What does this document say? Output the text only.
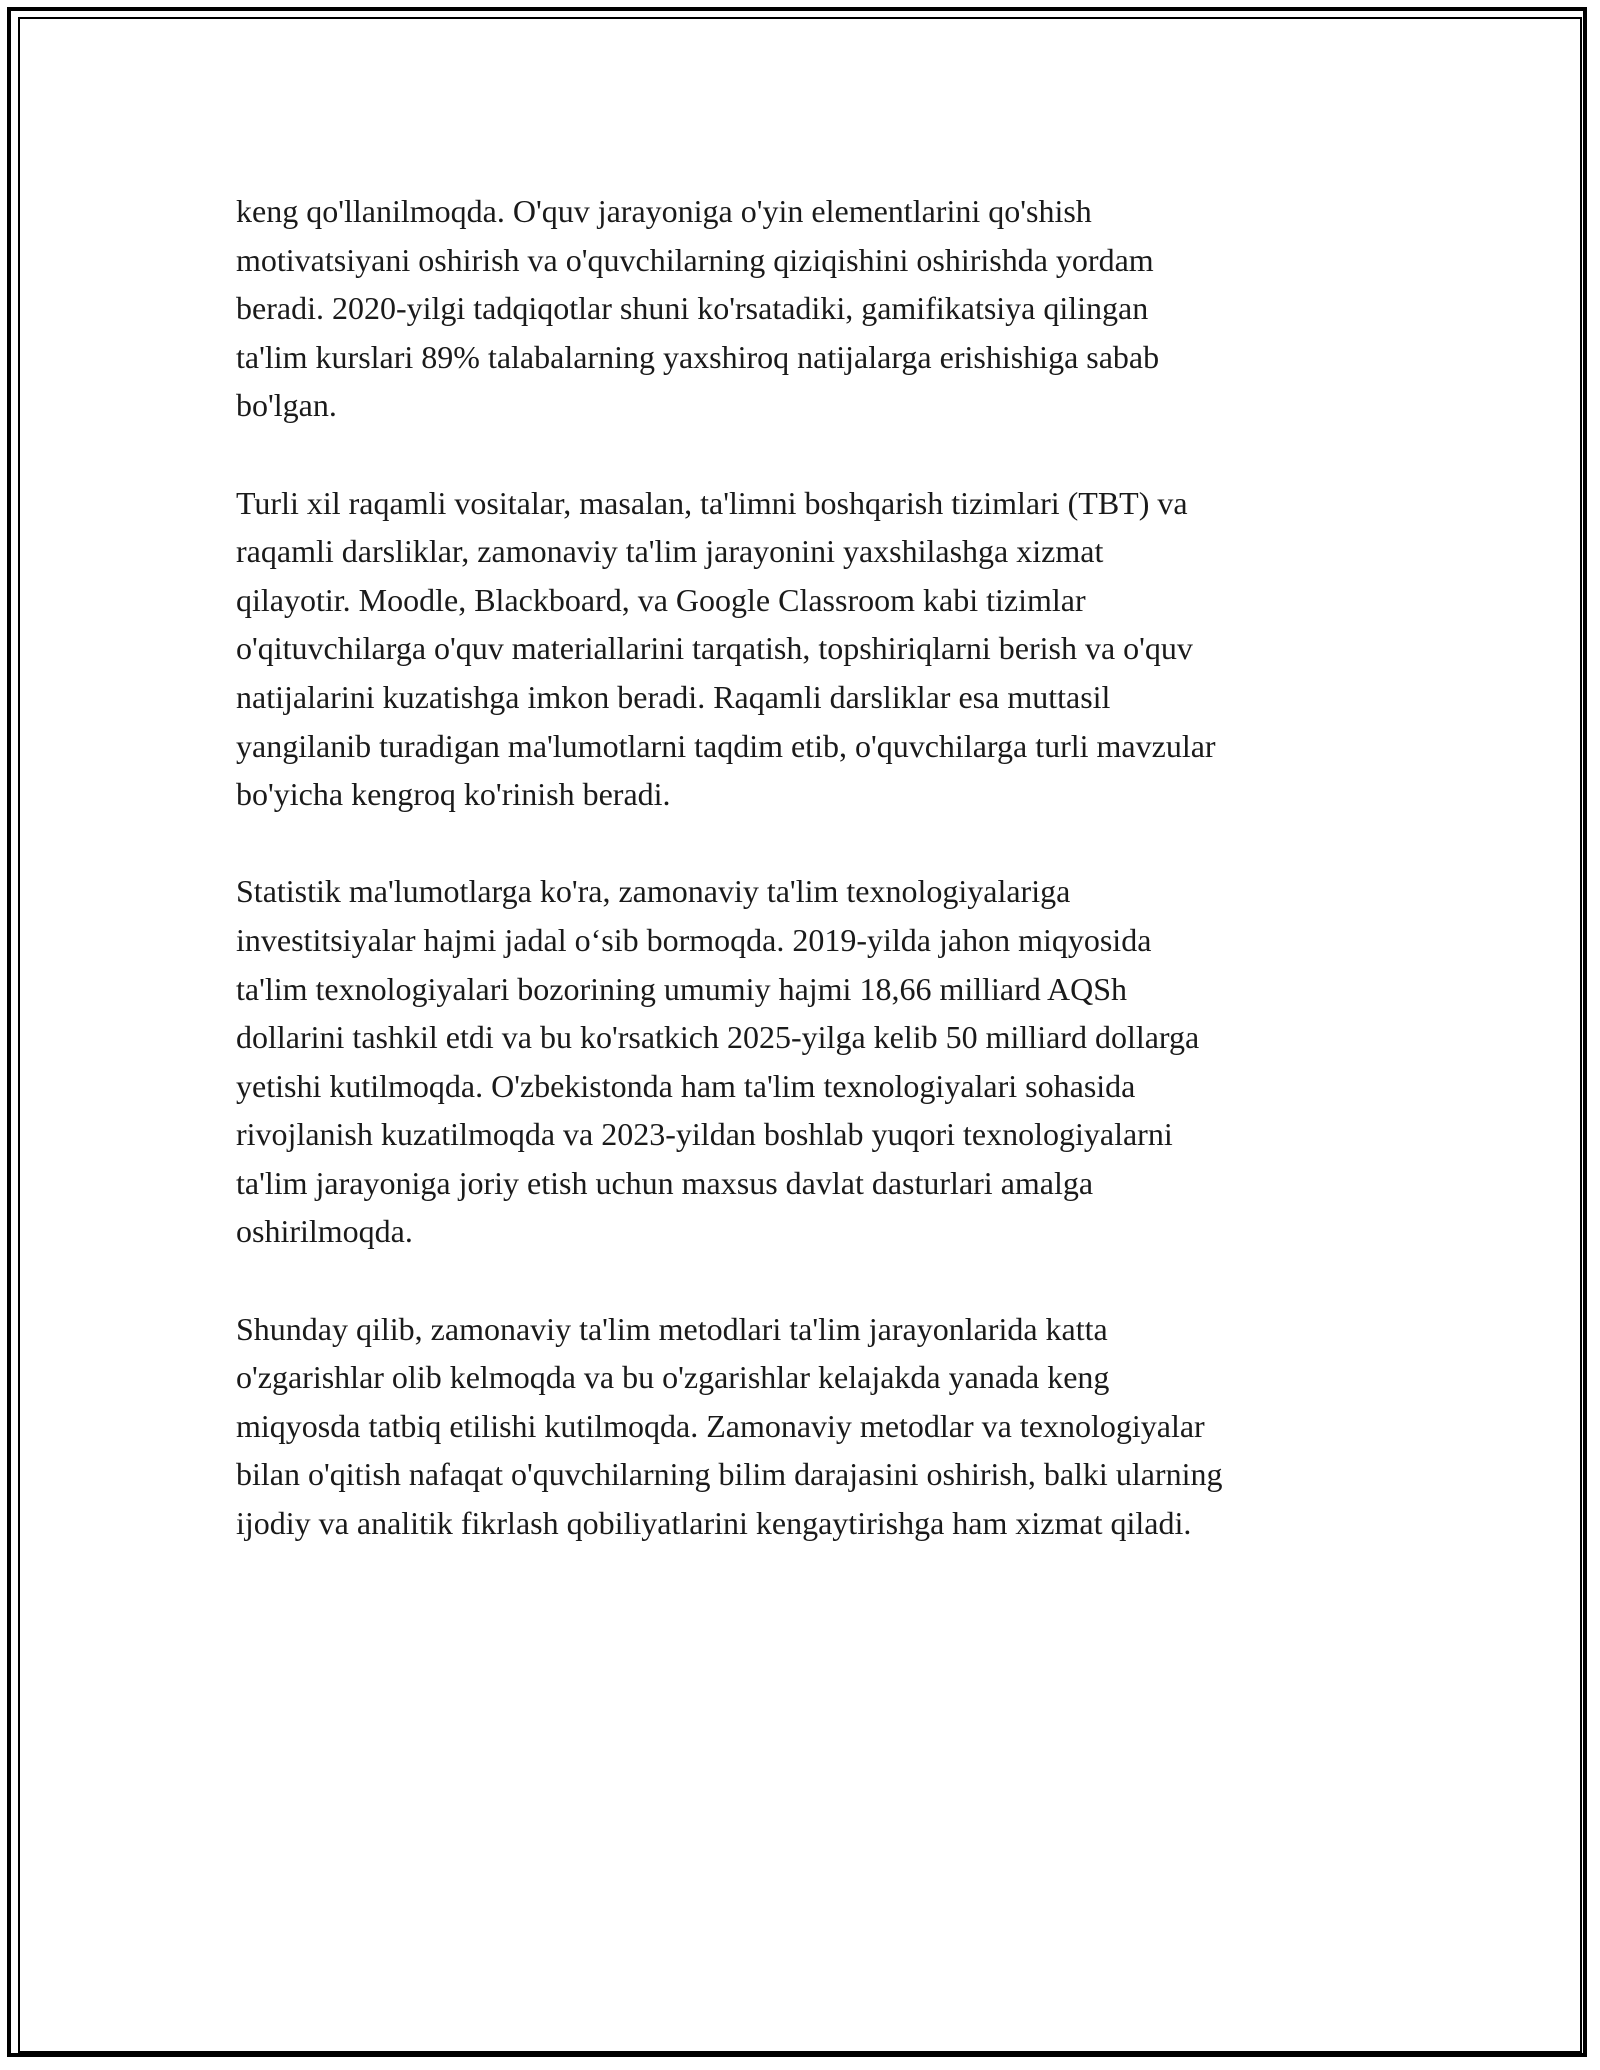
keng qo'llanilmoqda. O'quv jarayoniga o'yin elementlarini qo'shish
motivatsiyani oshirish va o'quvchilarning qiziqishini oshirishda yordam
beradi. 2020-yilgi tadqiqotlar shuni ko'rsatadiki, gamifikatsiya qilingan
ta'lim kurslari 89% talabalarning yaxshiroq natijalarga erishishiga sabab
bo'lgan.

Turli xil raqamli vositalar, masalan, ta'limni boshqarish tizimlari (TBT) va
raqamli darsliklar, zamonaviy ta'lim jarayonini yaxshilashga xizmat
qilayotir. Moodle, Blackboard, va Google Classroom kabi tizimlar
o'qituvchilarga o'quv materiallarini tarqatish, topshiriqlarni berish va o'quv
natijalarini kuzatishga imkon beradi. Raqamli darsliklar esa muttasil
yangilanib turadigan ma'lumotlarni taqdim etib, o'quvchilarga turli mavzular
bo'yicha kengroq ko'rinish beradi.

Statistik ma'lumotlarga ko'ra, zamonaviy ta'lim texnologiyalariga
investitsiyalar hajmi jadal o‘sib bormoqda. 2019-yilda jahon miqyosida
ta'lim texnologiyalari bozorining umumiy hajmi 18,66 milliard AQSh
dollarini tashkil etdi va bu ko'rsatkich 2025-yilga kelib 50 milliard dollarga
yetishi kutilmoqda. O'zbekistonda ham ta'lim texnologiyalari sohasida
rivojlanish kuzatilmoqda va 2023-yildan boshlab yuqori texnologiyalarni
ta'lim jarayoniga joriy etish uchun maxsus davlat dasturlari amalga
oshirilmoqda.

Shunday qilib, zamonaviy ta'lim metodlari ta'lim jarayonlarida katta
o'zgarishlar olib kelmoqda va bu o'zgarishlar kelajakda yanada keng
miqyosda tatbiq etilishi kutilmoqda. Zamonaviy metodlar va texnologiyalar
bilan o'qitish nafaqat o'quvchilarning bilim darajasini oshirish, balki ularning
ijodiy va analitik fikrlash qobiliyatlarini kengaytirishga ham xizmat qiladi.
